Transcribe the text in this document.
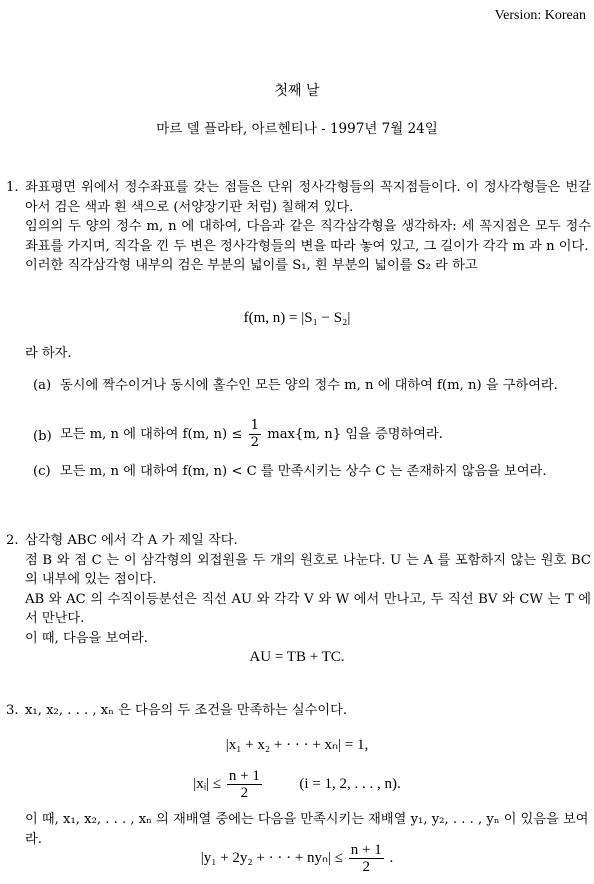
Version: Korean
첫째 날
마르 델 플라타, 아르헨티나 - 1997년 7월 24일
1. 좌표평면 위에서 정수좌표를 갖는 점들은 단위 정사각형들의 꼭지점들이다. 이 정사각형들은 번갈아서 검은 색과 흰 색으로 (서양장기판 처럼) 칠해져 있다.

임의의 두 양의 정수 m, n 에 대하여, 다음과 같은 직각삼각형을 생각하자: 세 꼭지점은 모두 정수좌표를 가지며, 직각을 낀 두 변은 정사각형들의 변을 따라 놓여 있고, 그 길이가 각각 m 과 n 이다.

이러한 직각삼각형 내부의 검은 부분의 넓이를 S₁, 흰 부분의 넓이를 S₂ 라 하고

f(m, n) = |S₁ − S₂|
라 하자.
(a) 동시에 짝수이거나 동시에 홀수인 모든 양의 정수 m, n 에 대하여 f(m, n) 을 구하여라.
(b) 모든 m, n 에 대하여 f(m, $n) \le \frac{1}{2} \max\{m$, n} 임을 증명하여라.
(c) 모든 m, n 에 대하여 f(m, n) < C 를 만족시키는 상수 C 는 존재하지 않음을 보여라.
2. 삼각형 ABC 에서 각 A 가 제일 작다.

점 B 와 점 C 는 이 삼각형의 외접원을 두 개의 원호로 나눈다. U 는 A 를 포함하지 않는 원호 BC 의 내부에 있는 점이다.

AB 와 AC 의 수직이등분선은 직선 AU 와 각각 V 와 W 에서 만나고, 두 직선 BV 와 CW 는 T 에서 만난다.

이 때, 다음을 보여라.

AU = TB + TC.
3. x₁, x₂, . . . , xₙ 은 다음의 두 조건을 만족하는 실수이다.
|x₁ + x₂ + · · · + xₙ| = 1,
|xᵢ| ≤ $\frac{n + 1}{2}$	(i = 1, 2, . . . , n).
이 때, x₁, x₂, . . . , xₙ 의 재배열 중에는 다음을 만족시키는 재배열 y₁, y₂, . . . , yₙ 이 있음을 보여라.
|y₁ + 2y₂ + · · · + $ny_n| \le \frac{n + 1}{2}$ .
